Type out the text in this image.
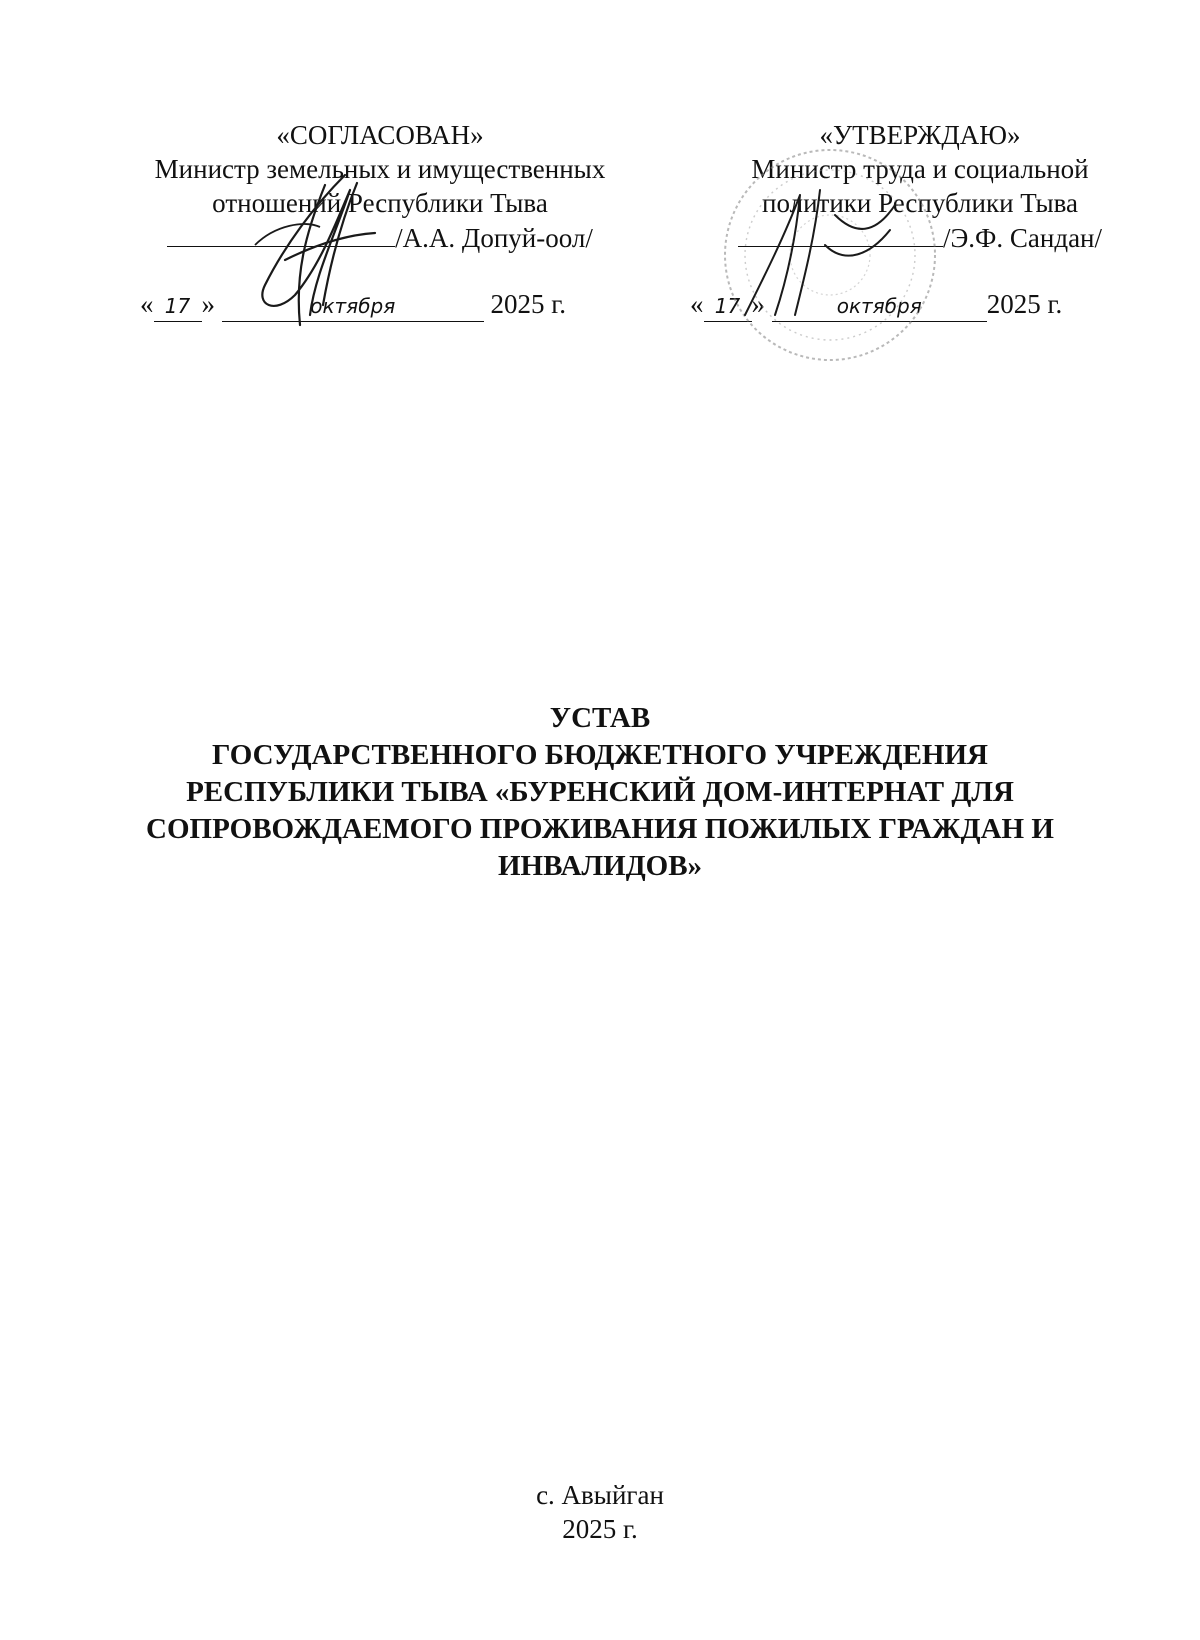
«СОГЛАСОВАН»
Министр земельных и имущественных
отношений Республики Тыва
/А.А. Допуй-оол/
« 17 »	октября	2025 г.
«УТВЕРЖДАЮ»
Министр труда и социальной
политики Республики Тыва
/Э.Ф. Сандан/
« 17 »	октября 2025 г.
УСТАВ
ГОСУДАРСТВЕННОГО БЮДЖЕТНОГО УЧРЕЖДЕНИЯ
РЕСПУБЛИКИ ТЫВА «БУРЕНСКИЙ ДОМ-ИНТЕРНАТ ДЛЯ
СОПРОВОЖДАЕМОГО ПРОЖИВАНИЯ ПОЖИЛЫХ ГРАЖДАН И
ИНВАЛИДОВ»
с. Авыйган
2025 г.
